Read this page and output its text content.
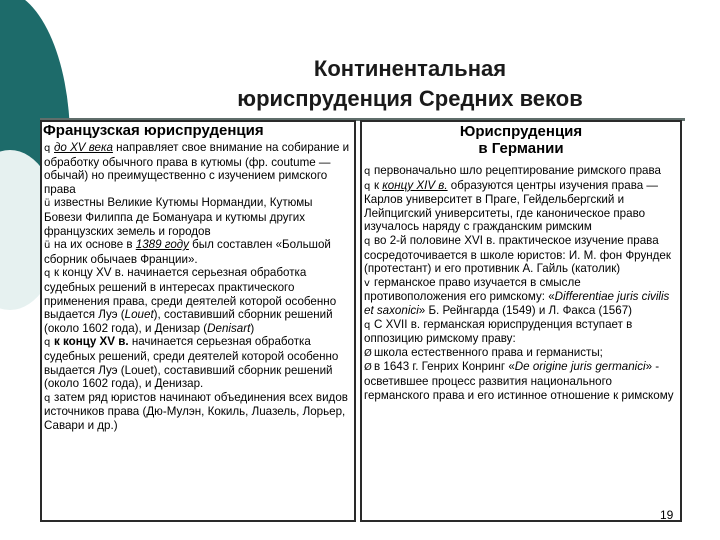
Континентальная
юриспруденция Средних веков
Французская юриспруденция

q до XV века направляет свое внимание на собирание и обработку обычного права в кутюмы (фр. coutume — обычай) но преимущественно с изучением римского права

ü известны Великие Кутюмы Нормандии, Кутюмы Бовези Филиппа де Бомануара и кутюмы других французских земель и городов

ü на их основе в 1389 году был составлен «Большой сборник обычаев Франции».

q к концу XV в. начинается серьезная обработка судебных решений в интересах практического применения права, среди деятелей которой особенно выдается Луэ (Louet), составивший сборник решений (около 1602 года), и Денизар (Denisart)

q к концу XV в. начинается серьезная обработка судебных решений, среди деятелей которой особенно выдается Луэ (Louet), составивший сборник решений (около 1602 года), и Денизар.

q затем ряд юристов начинают объединения всех видов источников права (Дю-Мулэн, Кокиль, Лuaзель, Лорьер, Савари и др.)

Юриспруденция
в Германии

q первоначально шло рецептирование римского права

q к концу XIV в. образуются центры изучения права — Карлов университет в Праге, Гейдельбергский и Лейпцигский университеты, где каноническое право изучалось наряду с гражданским римским

q во 2-й половине XVI в. практическое изучение права сосредоточивается в школе юристов: И. М. фон Фрундек (протестант) и его противник А. Гайль (католик)

v германское право изучается в смысле противоположения его римскому: «Differentiae juris civilis et saxonici» Б. Рейнгарда (1549) и Л. Факса (1567)

q С XVII в. германская юриспруденция вступает в оппозицию римскому праву:

Ø школа естественного права и германисты;

Ø в 1643 г. Генрих Конринг «De origine juris germanici» - осветившее процесс развития национального германского права и его истинное отношение к римскому

19
